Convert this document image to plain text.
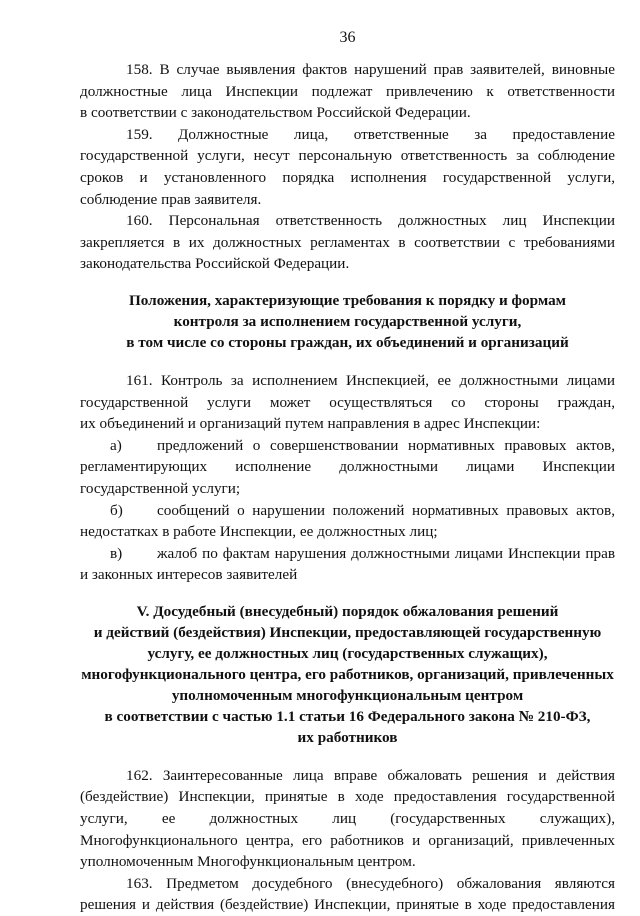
36
158. В случае выявления фактов нарушений прав заявителей, виновные
должностные лица Инспекции подлежат привлечению к ответственности
в соответствии с законодательством Российской Федерации.
159. Должностные лица, ответственные за предоставление
государственной услуги, несут персональную ответственность за соблюдение
сроков и установленного порядка исполнения государственной услуги,
соблюдение прав заявителя.
160. Персональная ответственность должностных лиц Инспекции
закрепляется в их должностных регламентах в соответствии с требованиями
законодательства Российской Федерации.
Положения, характеризующие требования к порядку и формам
контроля за исполнением государственной услуги,
в том числе со стороны граждан, их объединений и организаций
161. Контроль за исполнением Инспекцией, ее должностными лицами
государственной услуги может осуществляться со стороны граждан,
их объединений и организаций путем направления в адрес Инспекции:
а) предложений о совершенствовании нормативных правовых актов,
регламентирующих исполнение должностными лицами Инспекции
государственной услуги;
б) сообщений о нарушении положений нормативных правовых актов,
недостатках в работе Инспекции, ее должностных лиц;
в) жалоб по фактам нарушения должностными лицами Инспекции прав
и законных интересов заявителей
V. Досудебный (внесудебный) порядок обжалования решений
и действий (бездействия) Инспекции, предоставляющей государственную
услугу, ее должностных лиц (государственных служащих),
многофункционального центра, его работников, организаций, привлеченных
уполномоченным многофункциональным центром
в соответствии с частью 1.1 статьи 16 Федерального закона № 210-ФЗ,
их работников
162. Заинтересованные лица вправе обжаловать решения и действия
(бездействие) Инспекции, принятые в ходе предоставления государственной
услуги, ее должностных лиц (государственных служащих),
Многофункционального центра, его работников и организаций, привлеченных
уполномоченным Многофункциональным центром.
163. Предметом досудебного (внесудебного) обжалования являются
решения и действия (бездействие) Инспекции, принятые в ходе предоставления
